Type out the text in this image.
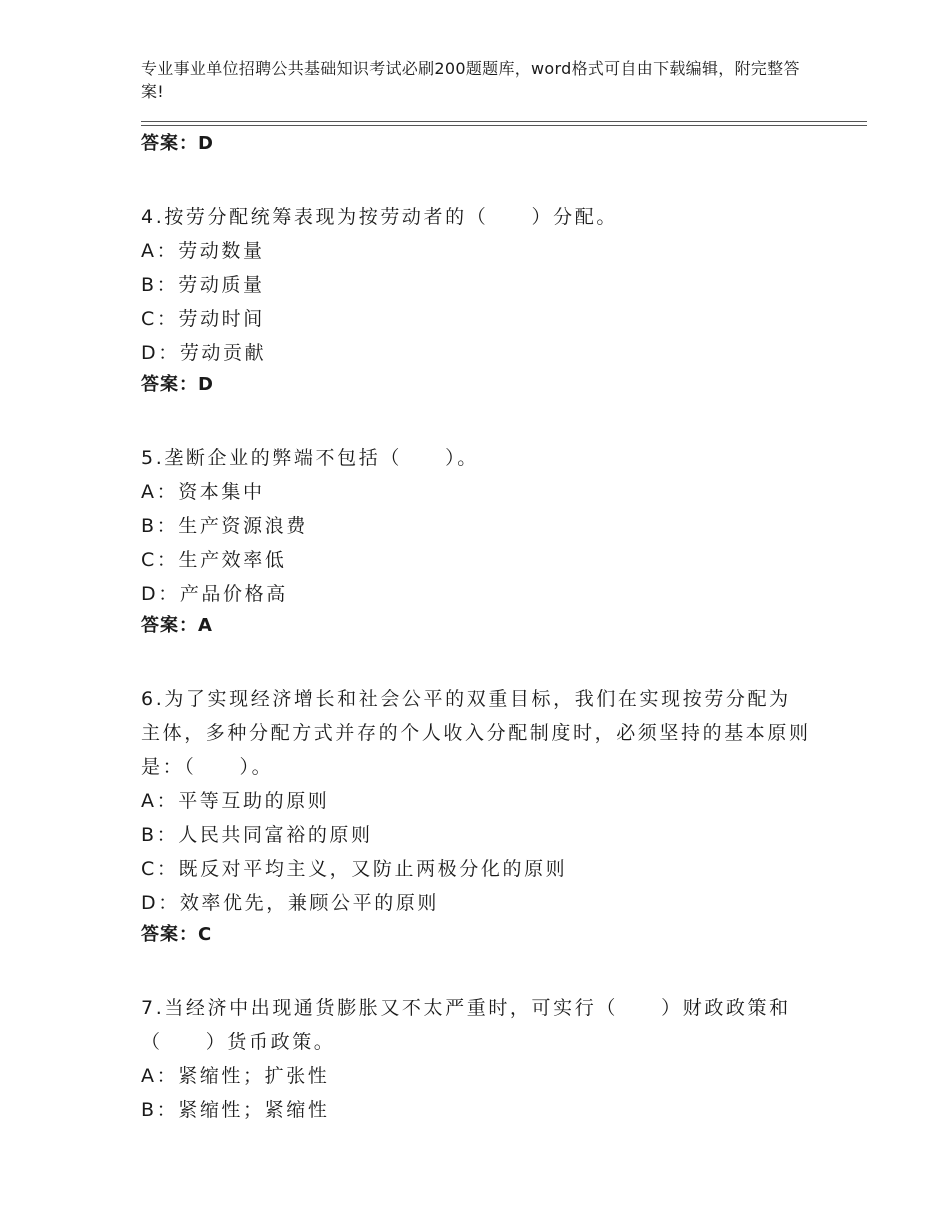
专业事业单位招聘公共基础知识考试必刷200题题库，word格式可自由下载编辑，附完整答案!
答案：D
4.按劳分配统筹表现为按劳动者的（　　）分配。
A：劳动数量
B：劳动质量
C：劳动时间
D：劳动贡献
答案：D
5.垄断企业的弊端不包括（　　）。
A：资本集中
B：生产资源浪费
C：生产效率低
D：产品价格高
答案：A
6.为了实现经济增长和社会公平的双重目标，我们在实现按劳分配为主体，多种分配方式并存的个人收入分配制度时，必须坚持的基本原则是：（　　）。
A：平等互助的原则
B：人民共同富裕的原则
C：既反对平均主义，又防止两极分化的原则
D：效率优先，兼顾公平的原则
答案：C
7.当经济中出现通货膨胀又不太严重时，可实行（　　）财政政策和（　　）货币政策。
A：紧缩性；扩张性
B：紧缩性；紧缩性
